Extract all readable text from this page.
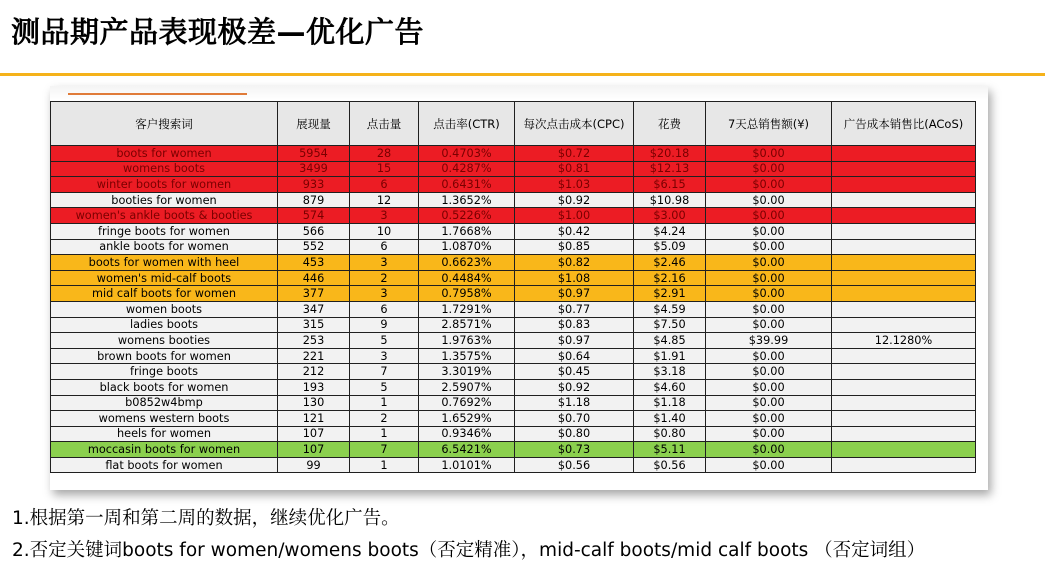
测品期产品表现极差—优化广告
客户搜索词	展现量	点击量	点击率(CTR)	每次点击成本(CPC)	花费	7天总销售额(¥)	广告成本销售比(ACoS)
boots for women	5954	28	0.4703%	$0.72	$20.18	$0.00	
womens boots	3499	15	0.4287%	$0.81	$12.13	$0.00	
winter boots for women	933	6	0.6431%	$1.03	$6.15	$0.00	
booties for women	879	12	1.3652%	$0.92	$10.98	$0.00	
women's ankle boots & booties	574	3	0.5226%	$1.00	$3.00	$0.00	
fringe boots for women	566	10	1.7668%	$0.42	$4.24	$0.00	
ankle boots for women	552	6	1.0870%	$0.85	$5.09	$0.00	
boots for women with heel	453	3	0.6623%	$0.82	$2.46	$0.00	
women's mid-calf boots	446	2	0.4484%	$1.08	$2.16	$0.00	
mid calf boots for women	377	3	0.7958%	$0.97	$2.91	$0.00	
women boots	347	6	1.7291%	$0.77	$4.59	$0.00	
ladies boots	315	9	2.8571%	$0.83	$7.50	$0.00	
womens booties	253	5	1.9763%	$0.97	$4.85	$39.99	12.1280%
brown boots for women	221	3	1.3575%	$0.64	$1.91	$0.00	
fringe boots	212	7	3.3019%	$0.45	$3.18	$0.00	
black boots for women	193	5	2.5907%	$0.92	$4.60	$0.00	
b0852w4bmp	130	1	0.7692%	$1.18	$1.18	$0.00	
womens western boots	121	2	1.6529%	$0.70	$1.40	$0.00	
heels for women	107	1	0.9346%	$0.80	$0.80	$0.00	
moccasin boots for women	107	7	6.5421%	$0.73	$5.11	$0.00	
flat boots for women	99	1	1.0101%	$0.56	$0.56	$0.00	
1.根据第一周和第二周的数据，继续优化广告。
2.否定关键词boots for women/womens boots（否定精准），mid-calf boots/mid calf boots （否定词组）
